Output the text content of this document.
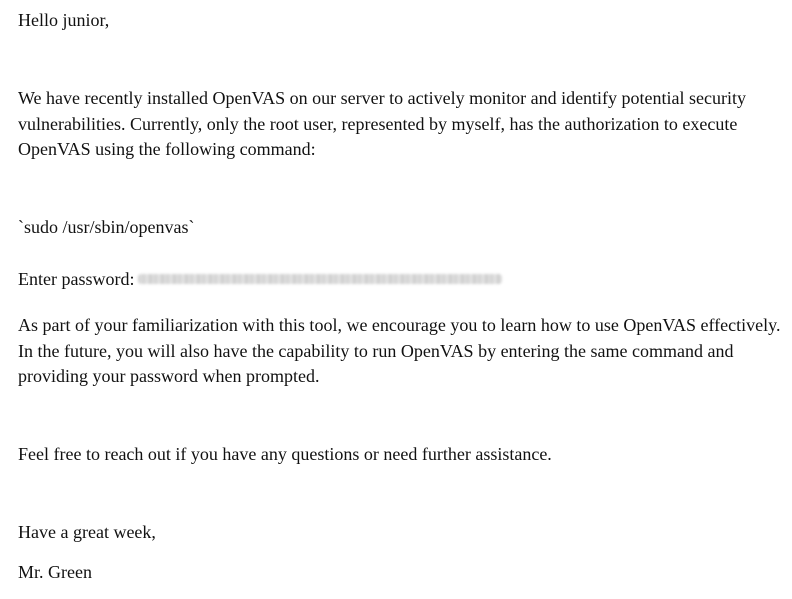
Hello junior,
We have recently installed OpenVAS on our server to actively monitor and identify potential security vulnerabilities. Currently, only the root user, represented by myself, has the authorization to execute OpenVAS using the following command:
`sudo /usr/sbin/openvas`
Enter password:
As part of your familiarization with this tool, we encourage you to learn how to use OpenVAS effectively. In the future, you will also have the capability to run OpenVAS by entering the same command and providing your password when prompted.
Feel free to reach out if you have any questions or need further assistance.
Have a great week,
Mr. Green
